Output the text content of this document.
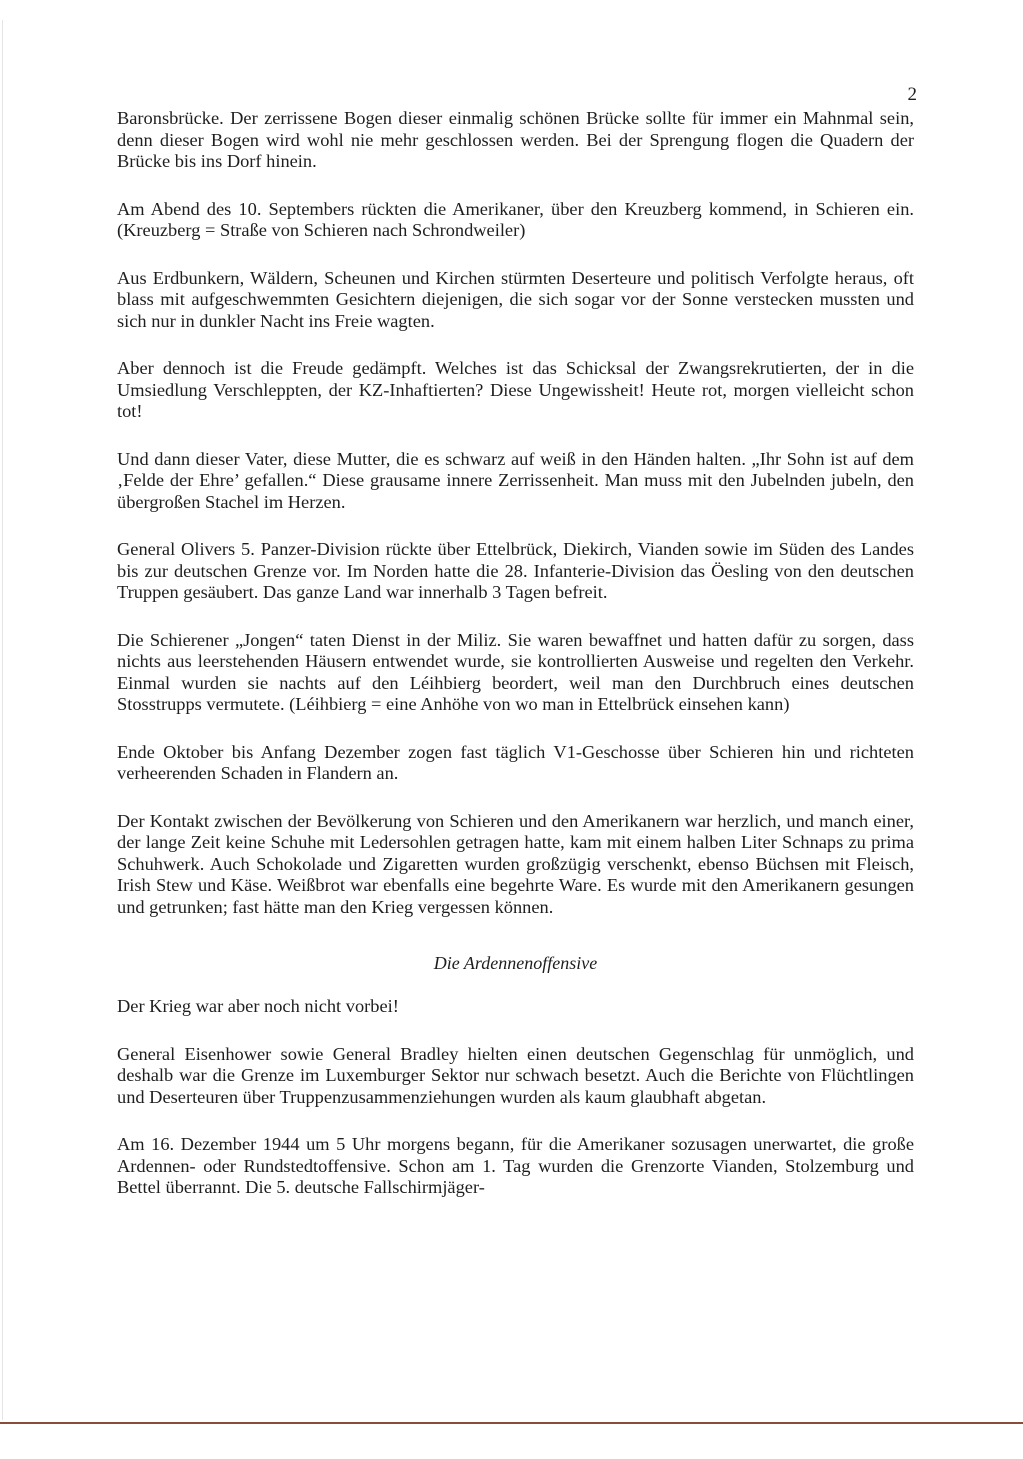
2

Baronsbrücke. Der zerrissene Bogen dieser einmalig schönen Brücke sollte für immer ein Mahnmal sein, denn dieser Bogen wird wohl nie mehr geschlossen werden. Bei der Sprengung flogen die Quadern der Brücke bis ins Dorf hinein.

Am Abend des 10. Septembers rückten die Amerikaner, über den Kreuzberg kommend, in Schieren ein. (Kreuzberg = Straße von Schieren nach Schrondweiler)

Aus Erdbunkern, Wäldern, Scheunen und Kirchen stürmten Deserteure und politisch Verfolgte heraus, oft blass mit aufgeschwemmten Gesichtern diejenigen, die sich sogar vor der Sonne verstecken mussten und sich nur in dunkler Nacht ins Freie wagten.

Aber dennoch ist die Freude gedämpft. Welches ist das Schicksal der Zwangsrekrutierten, der in die Umsiedlung Verschleppten, der KZ-Inhaftierten? Diese Ungewissheit! Heute rot, morgen vielleicht schon tot!

Und dann dieser Vater, diese Mutter, die es schwarz auf weiß in den Händen halten. „Ihr Sohn ist auf dem ‚Felde der Ehre’ gefallen.“ Diese grausame innere Zerrissenheit. Man muss mit den Jubelnden jubeln, den übergroßen Stachel im Herzen.

General Olivers 5. Panzer-Division rückte über Ettelbrück, Diekirch, Vianden sowie im Süden des Landes bis zur deutschen Grenze vor. Im Norden hatte die 28. Infanterie-Division das Öesling von den deutschen Truppen gesäubert. Das ganze Land war innerhalb 3 Tagen befreit.

Die Schierener „Jongen“ taten Dienst in der Miliz. Sie waren bewaffnet und hatten dafür zu sorgen, dass nichts aus leerstehenden Häusern entwendet wurde, sie kontrollierten Ausweise und regelten den Verkehr. Einmal wurden sie nachts auf den Léihbierg beordert, weil man den Durchbruch eines deutschen Stosstrupps vermutete. (Léihbierg = eine Anhöhe von wo man in Ettelbrück einsehen kann)

Ende Oktober bis Anfang Dezember zogen fast täglich V1-Geschosse über Schieren hin und richteten verheerenden Schaden in Flandern an.

Der Kontakt zwischen der Bevölkerung von Schieren und den Amerikanern war herzlich, und manch einer, der lange Zeit keine Schuhe mit Ledersohlen getragen hatte, kam mit einem halben Liter Schnaps zu prima Schuhwerk. Auch Schokolade und Zigaretten wurden großzügig verschenkt, ebenso Büchsen mit Fleisch, Irish Stew und Käse. Weißbrot war ebenfalls eine begehrte Ware. Es wurde mit den Amerikanern gesungen und getrunken; fast hätte man den Krieg vergessen können.

Die Ardennenoffensive

Der Krieg war aber noch nicht vorbei!

General Eisenhower sowie General Bradley hielten einen deutschen Gegenschlag für unmöglich, und deshalb war die Grenze im Luxemburger Sektor nur schwach besetzt. Auch die Berichte von Flüchtlingen und Deserteuren über Truppenzusammenziehungen wurden als kaum glaubhaft abgetan.

Am 16. Dezember 1944 um 5 Uhr morgens begann, für die Amerikaner sozusagen unerwartet, die große Ardennen- oder Rundstedtoffensive. Schon am 1. Tag wurden die Grenzorte Vianden, Stolzemburg und Bettel überrannt. Die 5. deutsche Fallschirmjäger-
